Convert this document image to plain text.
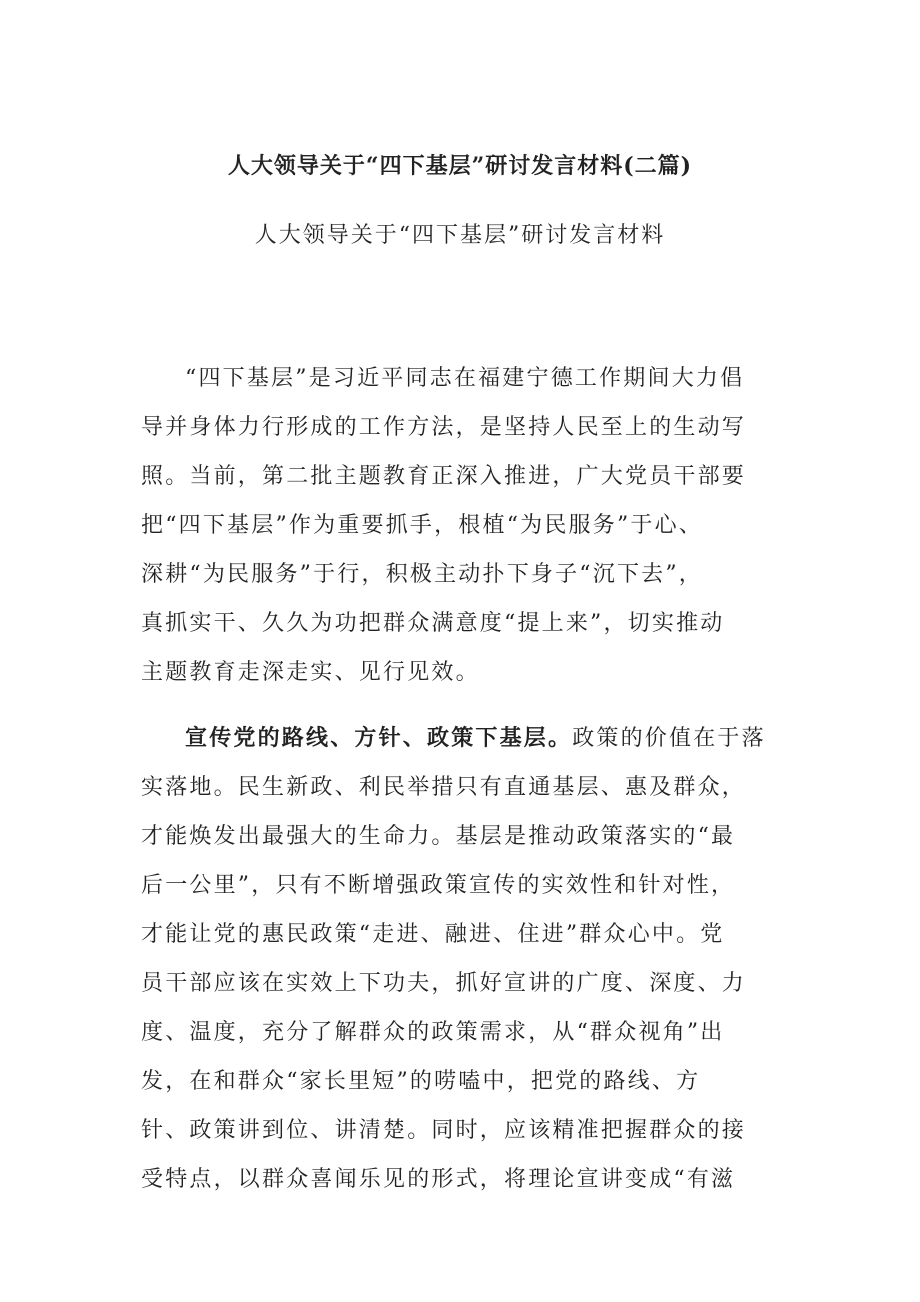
人大领导关于“四下基层”研讨发言材料(二篇)
人大领导关于“四下基层”研讨发言材料
“四下基层”是习近平同志在福建宁德工作期间大力倡
导并身体力行形成的工作方法，是坚持人民至上的生动写
照。当前，第二批主题教育正深入推进，广大党员干部要
把“四下基层”作为重要抓手，根植“为民服务”于心、
深耕“为民服务”于行，积极主动扑下身子“沉下去”，
真抓实干、久久为功把群众满意度“提上来”，切实推动
主题教育走深走实、见行见效。
宣传党的路线、方针、政策下基层。政策的价值在于落
实落地。民生新政、利民举措只有直通基层、惠及群众，
才能焕发出最强大的生命力。基层是推动政策落实的“最
后一公里”，只有不断增强政策宣传的实效性和针对性，
才能让党的惠民政策“走进、融进、住进”群众心中。党
员干部应该在实效上下功夫，抓好宣讲的广度、深度、力
度、温度，充分了解群众的政策需求，从“群众视角”出
发，在和群众“家长里短”的唠嗑中，把党的路线、方
针、政策讲到位、讲清楚。同时，应该精准把握群众的接
受特点，以群众喜闻乐见的形式，将理论宣讲变成“有滋
